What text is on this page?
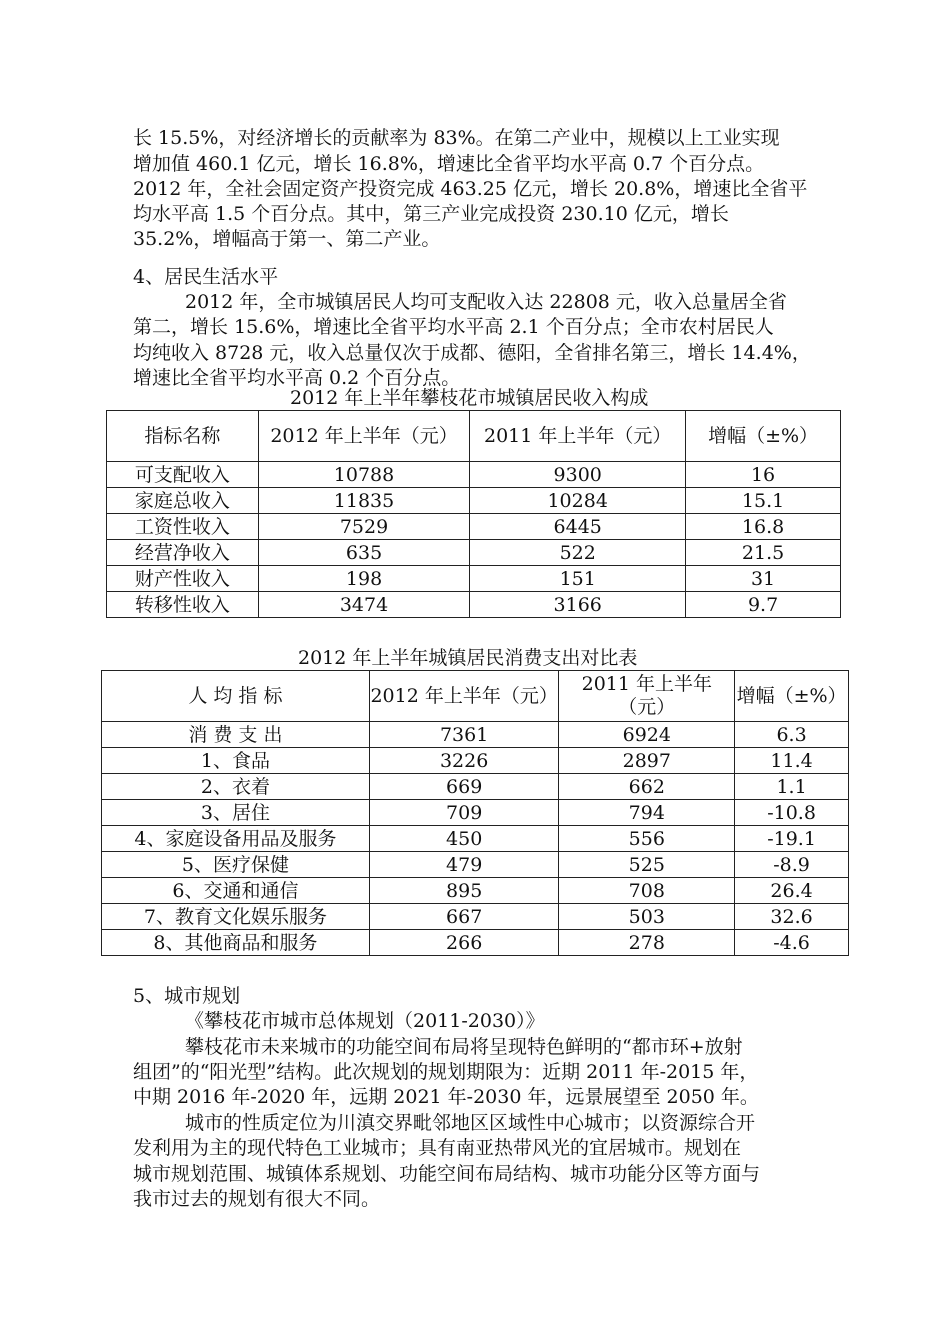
长 15.5%，对经济增长的贡献率为 83%。在第二产业中，规模以上工业实现
增加值 460.1 亿元，增长 16.8%，增速比全省平均水平高 0.7 个百分点。
2012 年，全社会固定资产投资完成 463.25 亿元，增长 20.8%，增速比全省平
均水平高 1.5 个百分点。其中，第三产业完成投资 230.10 亿元，增长
35.2%，增幅高于第一、第二产业。
4、居民生活水平
2012 年，全市城镇居民人均可支配收入达 22808 元，收入总量居全省
第二，增长 15.6%，增速比全省平均水平高 2.1 个百分点；全市农村居民人
均纯收入 8728 元，收入总量仅次于成都、德阳，全省排名第三，增长 14.4%，
增速比全省平均水平高 0.2 个百分点。
2012 年上半年攀枝花市城镇居民收入构成
指标名称	2012 年上半年（元）	2011 年上半年（元）	增幅（±%）
可支配收入	10788	9300	16
家庭总收入	11835	10284	15.1
工资性收入	7529	6445	16.8
经营净收入	635	522	21.5
财产性收入	198	151	31
转移性收入	3474	3166	9.7
2012 年上半年城镇居民消费支出对比表
人 均 指 标	2012 年上半年（元）	2011 年上半年（元）	增幅（±%）
消 费 支 出	7361	6924	6.3
1、食品	3226	2897	11.4
2、衣着	669	662	1.1
3、居住	709	794	-10.8
4、家庭设备用品及服务	450	556	-19.1
5、医疗保健	479	525	-8.9
6、交通和通信	895	708	26.4
7、教育文化娱乐服务	667	503	32.6
8、其他商品和服务	266	278	-4.6
5、城市规划
《攀枝花市城市总体规划（2011-2030）》
攀枝花市未来城市的功能空间布局将呈现特色鲜明的“都市环+放射
组团”的“阳光型”结构。此次规划的规划期限为：近期 2011 年-2015 年，
中期 2016 年-2020 年，远期 2021 年-2030 年，远景展望至 2050 年。
城市的性质定位为川滇交界毗邻地区区域性中心城市；以资源综合开
发利用为主的现代特色工业城市；具有南亚热带风光的宜居城市。规划在
城市规划范围、城镇体系规划、功能空间布局结构、城市功能分区等方面与
我市过去的规划有很大不同。
